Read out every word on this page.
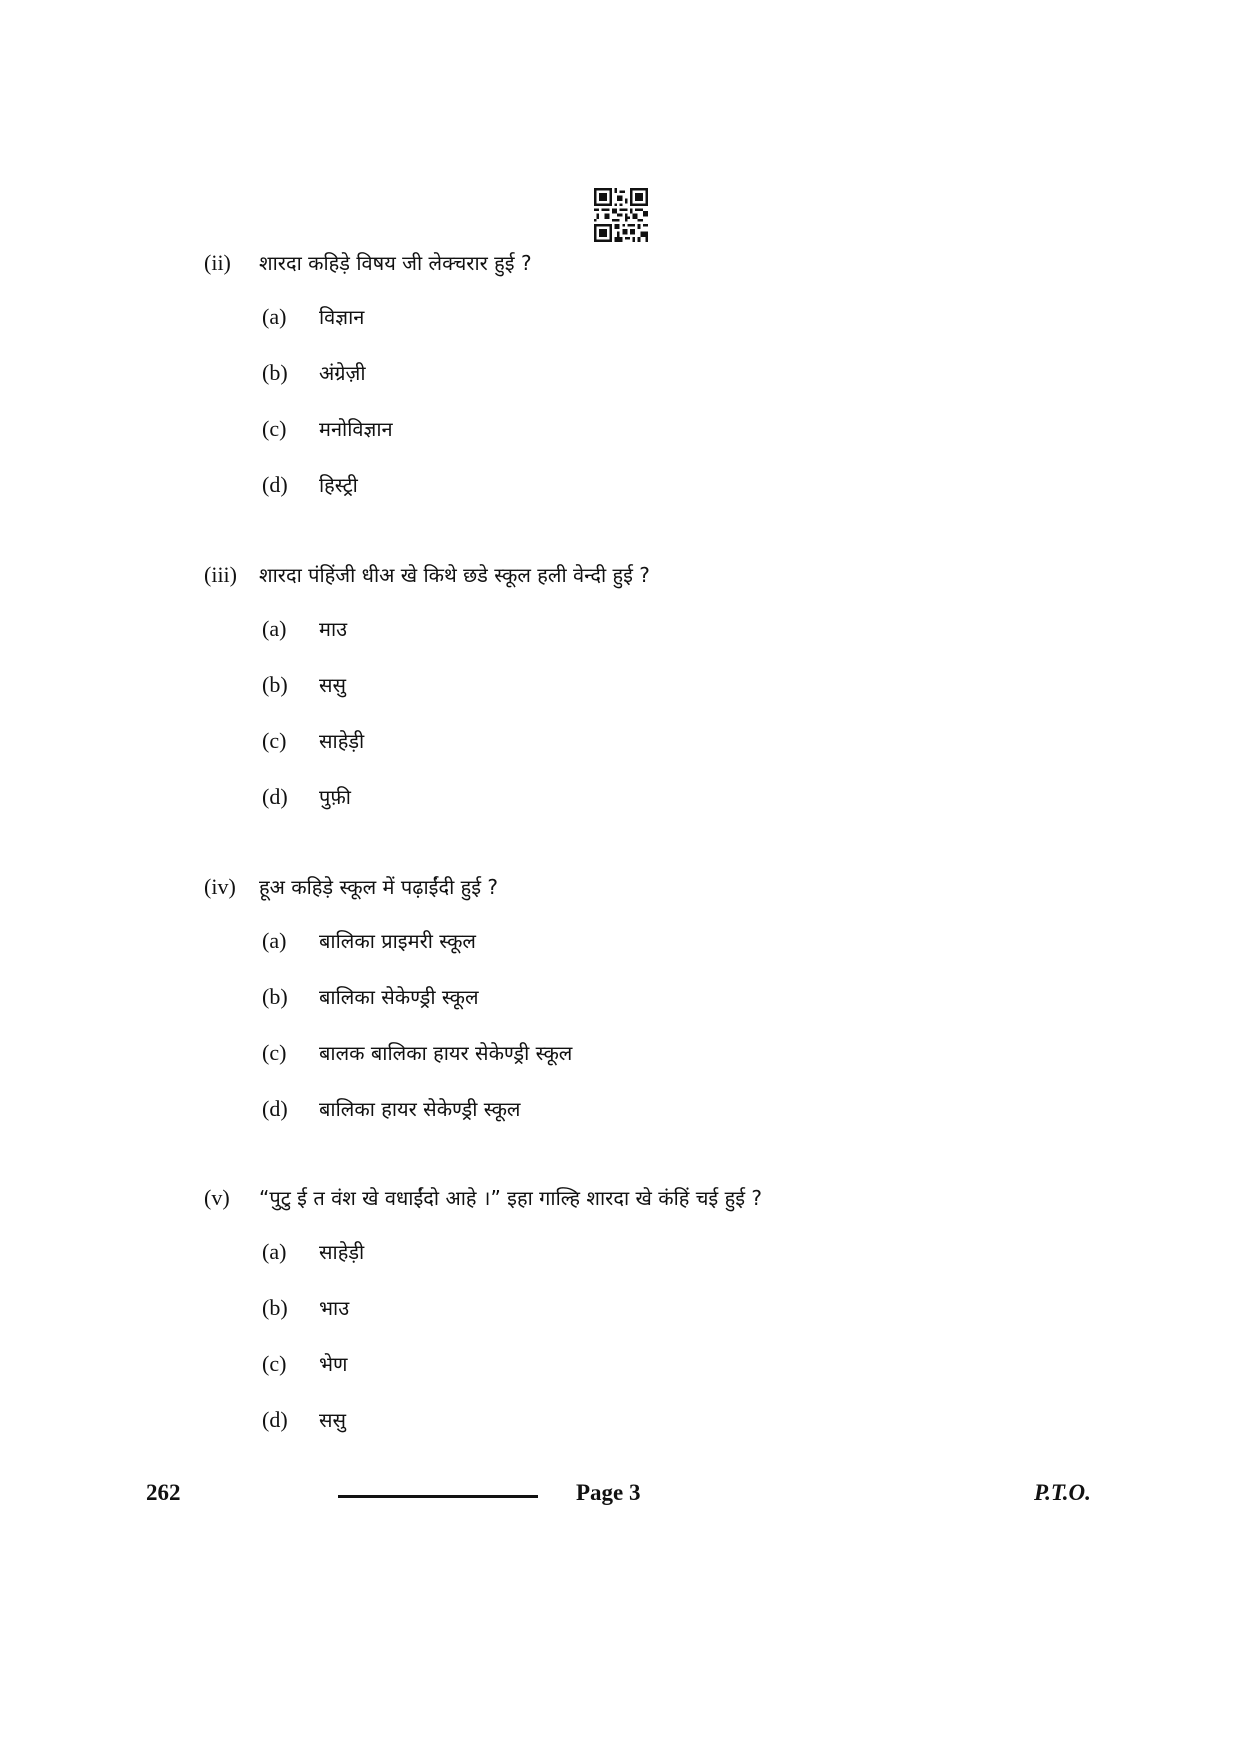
(ii)	शारदा कहिड़े विषय जी लेक्चरार हुई ?
(a)	विज्ञान
(b)	अंग्रेज़ी
(c)	मनोविज्ञान
(d)	हिस्ट्री
(iii)	शारदा पंहिंजी धीअ खे किथे छडे स्कूल हली वेन्दी हुई ?
(a)	माउ
(b)	ससु
(c)	साहेड़ी
(d)	पुफ़ी
(iv)	हूअ कहिड़े स्कूल में पढ़ाईंदी हुई ?
(a)	बालिका प्राइमरी स्कूल
(b)	बालिका सेकेण्ड्री स्कूल
(c)	बालक बालिका हायर सेकेण्ड्री स्कूल
(d)	बालिका हायर सेकेण्ड्री स्कूल
(v)	“पुटु ई त वंश खे वधाईंदो आहे ।” इहा गाल्हि शारदा खे कंहिं चई हुई ?
(a)	साहेड़ी
(b)	भाउ
(c)	भेण
(d)	ससु
262	Page 3	P.T.O.
